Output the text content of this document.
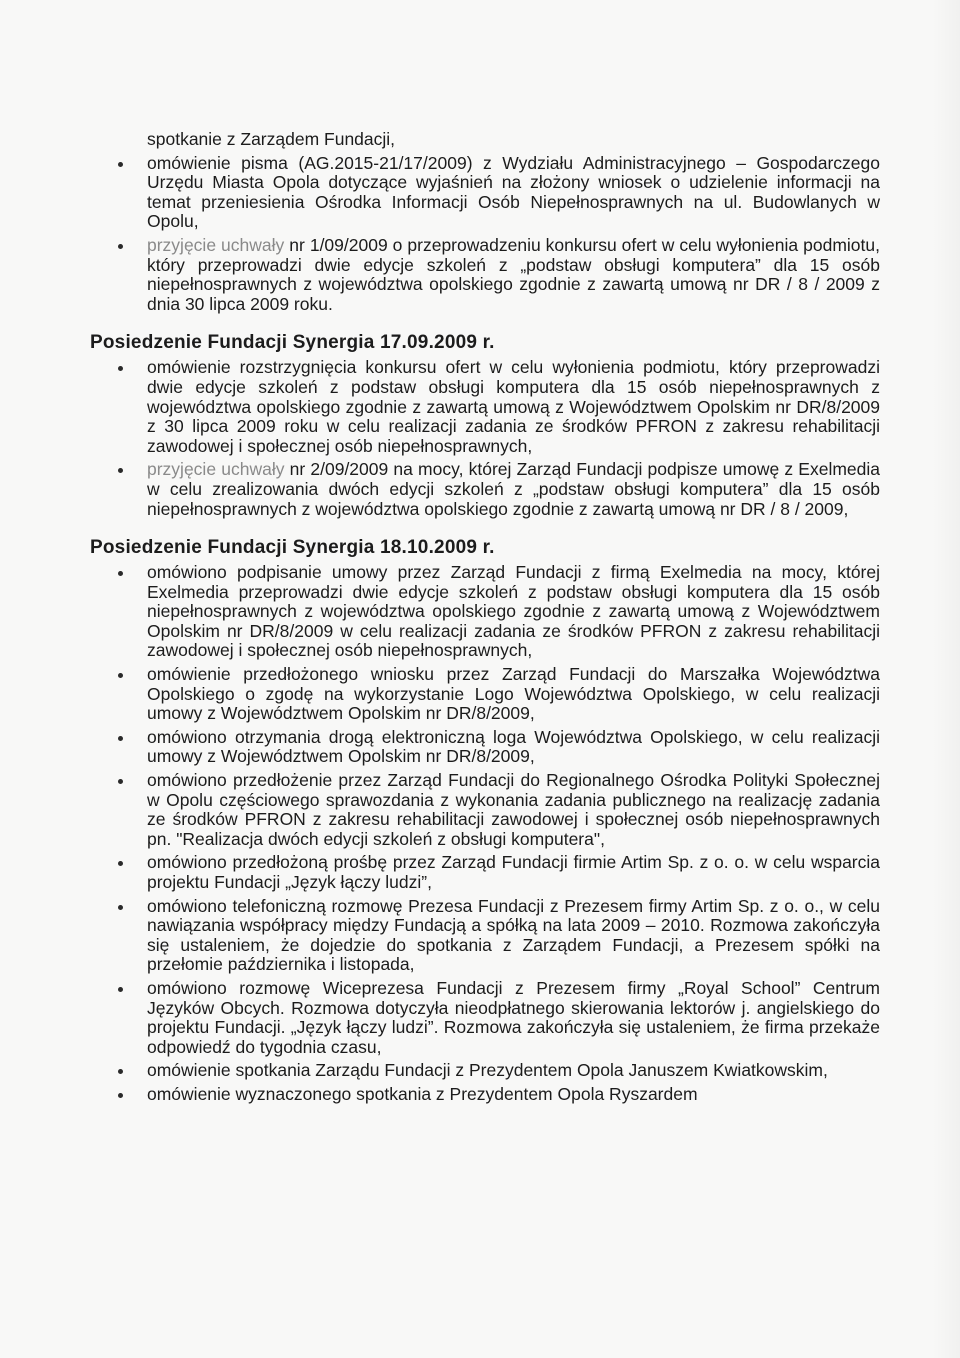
spotkanie z Zarządem Fundacji,
omówienie pisma (AG.2015-21/17/2009) z Wydziału Administracyjnego – Gospodarczego Urzędu Miasta Opola dotyczące wyjaśnień na złożony wniosek o udzielenie informacji na temat przeniesienia Ośrodka Informacji Osób Niepełnosprawnych na ul. Budowlanych w Opolu,
przyjęcie uchwały nr 1/09/2009 o przeprowadzeniu konkursu ofert w celu wyłonienia podmiotu, który przeprowadzi dwie edycje szkoleń z „podstaw obsługi komputera” dla 15 osób niepełnosprawnych z województwa opolskiego zgodnie z zawartą umową nr DR / 8 / 2009 z dnia 30 lipca 2009 roku.
Posiedzenie Fundacji Synergia 17.09.2009 r.
omówienie rozstrzygnięcia konkursu ofert w celu wyłonienia podmiotu, który przeprowadzi dwie edycje szkoleń z podstaw obsługi komputera dla 15 osób niepełnosprawnych z województwa opolskiego zgodnie z zawartą umową z Województwem Opolskim nr DR/8/2009 z 30 lipca 2009 roku w celu realizacji zadania ze środków PFRON z zakresu rehabilitacji zawodowej i społecznej osób niepełnosprawnych,
przyjęcie uchwały nr 2/09/2009 na mocy, której Zarząd Fundacji podpisze umowę z Exelmedia w celu zrealizowania dwóch edycji szkoleń z „podstaw obsługi komputera” dla 15 osób niepełnosprawnych z województwa opolskiego zgodnie z zawartą umową nr DR / 8 / 2009,
Posiedzenie Fundacji Synergia 18.10.2009 r.
omówiono podpisanie umowy przez Zarząd Fundacji z firmą Exelmedia na mocy, której Exelmedia przeprowadzi dwie edycje szkoleń z podstaw obsługi komputera dla 15 osób niepełnosprawnych z województwa opolskiego zgodnie z zawartą umową z Województwem Opolskim nr DR/8/2009 w celu realizacji zadania ze środków PFRON z zakresu rehabilitacji zawodowej i społecznej osób niepełnosprawnych,
omówienie przedłożonego wniosku przez Zarząd Fundacji do Marszałka Województwa Opolskiego o zgodę na wykorzystanie Logo Województwa Opolskiego, w celu realizacji umowy z Województwem Opolskim nr DR/8/2009,
omówiono otrzymania drogą elektroniczną loga Województwa Opolskiego, w celu realizacji umowy z Województwem Opolskim nr DR/8/2009,
omówiono przedłożenie przez Zarząd Fundacji do Regionalnego Ośrodka Polityki Społecznej w Opolu częściowego sprawozdania z wykonania zadania publicznego na realizację zadania ze środków PFRON z zakresu rehabilitacji zawodowej i społecznej osób niepełnosprawnych pn. "Realizacja dwóch edycji szkoleń z obsługi komputera",
omówiono przedłożoną prośbę przez Zarząd Fundacji firmie Artim Sp. z o. o. w celu wsparcia projektu Fundacji „Język łączy ludzi”,
omówiono telefoniczną rozmowę Prezesa Fundacji z Prezesem firmy Artim Sp. z o. o., w celu nawiązania współpracy między Fundacją a spółką na lata 2009 – 2010. Rozmowa zakończyła się ustaleniem, że dojedzie do spotkania z Zarządem Fundacji, a Prezesem spółki na przełomie października i listopada,
omówiono rozmowę Wiceprezesa Fundacji z Prezesem firmy „Royal School” Centrum Języków Obcych. Rozmowa dotyczyła nieodpłatnego skierowania lektorów j. angielskiego do projektu Fundacji. „Język łączy ludzi”. Rozmowa zakończyła się ustaleniem, że firma przekaże odpowiedź do tygodnia czasu,
omówienie spotkania Zarządu Fundacji z Prezydentem Opola Januszem Kwiatkowskim,
omówienie wyznaczonego spotkania z Prezydentem Opola Ryszardem
